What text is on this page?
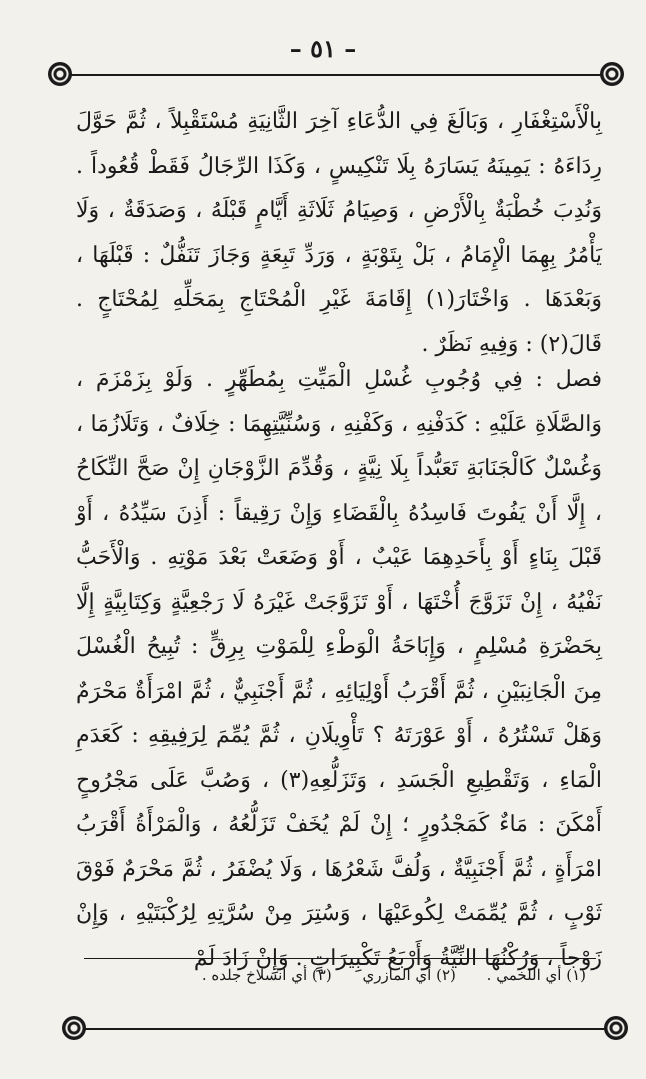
– ٥١ –
بِالْأَسْتِغْفَارِ ، وَبَالَغَ فِي الدُّعَاءِ آخِرَ الثَّانِيَةِ مُسْتَقْبِلاً ، ثُمَّ حَوَّلَ رِدَاءَهُ : يَمِينَهُ يَسَارَهُ بِلَا تَنْكِيسٍ ، وَكَذَا الرِّجَالُ فَقَطْ قُعُوداً . وَنُدِبَ خُطْبَةٌ بِالْأَرْضِ ، وَصِيَامُ ثَلَاثَةِ أَيَّامٍ قَبْلَهُ ، وَصَدَقَةٌ ، وَلَا يَأْمُرُ بِهِمَا الْإِمَامُ ، بَلْ بِتَوْبَةٍ ، وَرَدِّ تَبِعَةٍ وَجَازَ تَنَفُّلٌ : قَبْلَهَا ، وَبَعْدَهَا . وَاخْتَارَ(١) إِقَامَةَ غَيْرِ الْمُحْتَاجِ بِمَحَلِّهِ لِمُحْتَاجٍ . قَالَ(٢) : وَفِيهِ نَظَرٌ .
فصل : فِي وُجُوبِ غُسْلِ الْمَيِّتِ بِمُطَهِّرٍ . وَلَوْ بِزَمْزَمَ ، وَالصَّلَاةِ عَلَيْهِ : كَدَفْنِهِ ، وَكَفْنِهِ ، وَسُنِّيَّتِهِمَا : خِلَافٌ ، وَتَلَازُمَا ، وَغُسْلٌ كَالْجَنَابَةِ تَعَبُّداً بِلَا نِيَّةٍ ، وَقُدِّمَ الزَّوْجَانِ إِنْ صَحَّ النِّكَاحُ ، إِلَّا أَنْ يَفُوتَ فَاسِدُهُ بِالْقَضَاءِ وَإِنْ رَقِيقاً : أَذِنَ سَيِّدُهُ ، أَوْ قَبْلَ بِنَاءٍ أَوْ بِأَحَدِهِمَا عَيْبٌ ، أَوْ وَضَعَتْ بَعْدَ مَوْتِهِ . وَالْأَحَبُّ نَفْيُهُ ، إِنْ تَزَوَّجَ أُخْتَهَا ، أَوْ تَزَوَّجَتْ غَيْرَهُ لَا رَجْعِيَّةٍ وَكِتَابِيَّةٍ إِلَّا بِحَضْرَةِ مُسْلِمٍ ، وَإِبَاحَةُ الْوَطْءِ لِلْمَوْتِ بِرِقٍّ : تُبِيحُ الْغُسْلَ مِنَ الْجَانِبَيْنِ ، ثُمَّ أَقْرَبُ أَوْلِيَائِهِ ، ثُمَّ أَجْنَبِيٌّ ، ثُمَّ امْرَأَةٌ مَحْرَمٌ وَهَلْ تَسْتُرُهُ ، أَوْ عَوْرَتَهُ ؟ تَأْوِيلَانِ ، ثُمَّ يُمِّمَ لِرَفِيقِهِ : كَعَدَمِ الْمَاءِ ، وَتَقْطِيعِ الْجَسَدِ ، وَتَزَلُّعِهِ(٣) ، وَصُبَّ عَلَى مَجْرُوحٍ أَمْكَنَ : مَاءٌ كَمَجْدُورٍ ؛ إِنْ لَمْ يُخَفْ تَزَلُّعُهُ ، وَالْمَرْأَةُ أَقْرَبُ امْرَأَةٍ ، ثُمَّ أَجْنَبِيَّةٌ ، وَلُفَّ شَعْرُهَا ، وَلَا يُضْفَرُ ، ثُمَّ مَحْرَمٌ فَوْقَ ثَوْبٍ ، ثُمَّ يُمِّمَتْ لِكُوعَيْهَا ، وَسُتِرَ مِنْ سُرَّتِهِ لِرُكْبَتَيْهِ ، وَإِنْ زَوْجاً ، وَرُكْنُهَا النِّيَّةُ وَأَرْبَعُ تَكْبِيرَاتٍ . وَإِنْ زَادَ لَمْ
(١) أي اللخمي . (٢) أي المازري (٣) أي انسلاخ جلده .
